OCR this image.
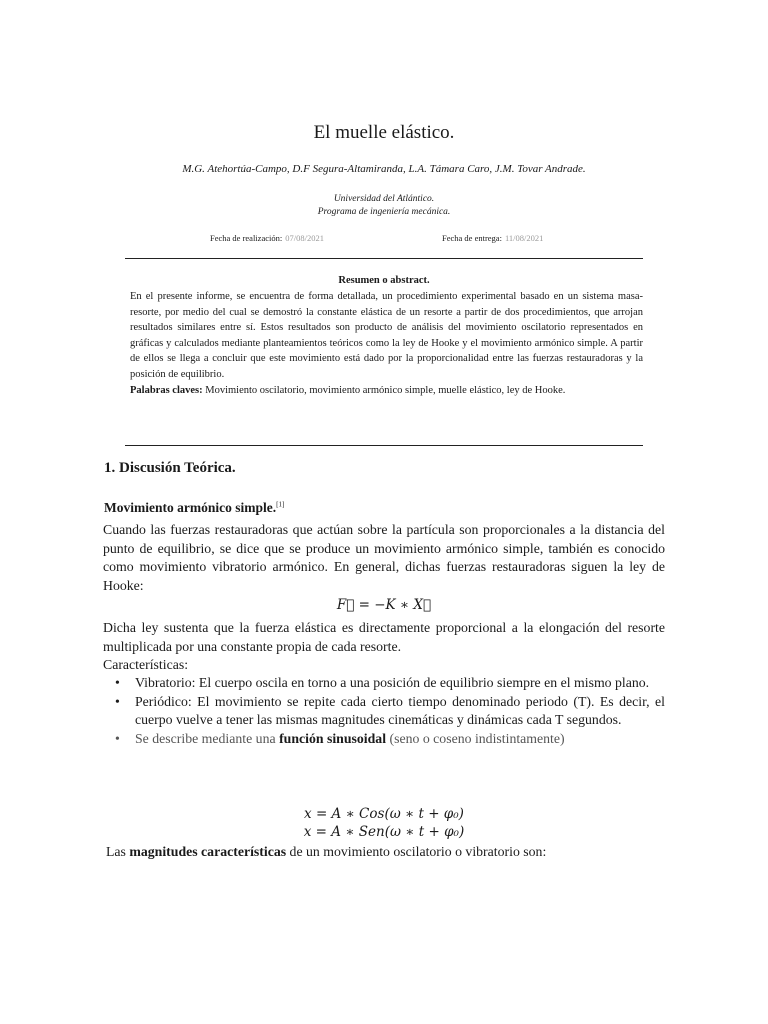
El muelle elástico.
M.G. Atehortúa-Campo, D.F Segura-Altamiranda, L.A. Támara Caro, J.M. Tovar Andrade.
Universidad del Atlántico.
Programa de ingeniería mecánica.
Fecha de realización: 07/08/2021	Fecha de entrega: 11/08/2021
Resumen o abstract.

En el presente informe, se encuentra de forma detallada, un procedimiento experimental basado en un sistema masa-resorte, por medio del cual se demostró la constante elástica de un resorte a partir de dos procedimientos, que arrojan resultados similares entre sí. Estos resultados son producto de análisis del movimiento oscilatorio representados en gráficas y calculados mediante planteamientos teóricos como la ley de Hooke y el movimiento armónico simple. A partir de ellos se llega a concluir que este movimiento está dado por la proporcionalidad entre las fuerzas restauradoras y la posición de equilibrio.

Palabras claves: Movimiento oscilatorio, movimiento armónico simple, muelle elástico, ley de Hooke.

1. Discusión Teórica.
Movimiento armónico simple.[1]

Cuando las fuerzas restauradoras que actúan sobre la partícula son proporcionales a la distancia del punto de equilibrio, se dice que se produce un movimiento armónico simple, también es conocido como movimiento vibratorio armónico. En general, dichas fuerzas restauradoras siguen la ley de Hooke:

F⃗ = −K ∗ X⃗

Dicha ley sustenta que la fuerza elástica es directamente proporcional a la elongación del resorte multiplicada por una constante propia de cada resorte.

Características:

• Vibratorio: El cuerpo oscila en torno a una posición de equilibrio siempre en el mismo plano.
• Periódico: El movimiento se repite cada cierto tiempo denominado periodo (T). Es decir, el cuerpo vuelve a tener las mismas magnitudes cinemáticas y dinámicas cada T segundos.
• Se describe mediante una función sinusoidal (seno o coseno indistintamente)
x = A ∗ Cos(ω ∗ t + φ₀)
x = A ∗ Sen(ω ∗ t + φ₀)
Las magnitudes características de un movimiento oscilatorio o vibratorio son:
